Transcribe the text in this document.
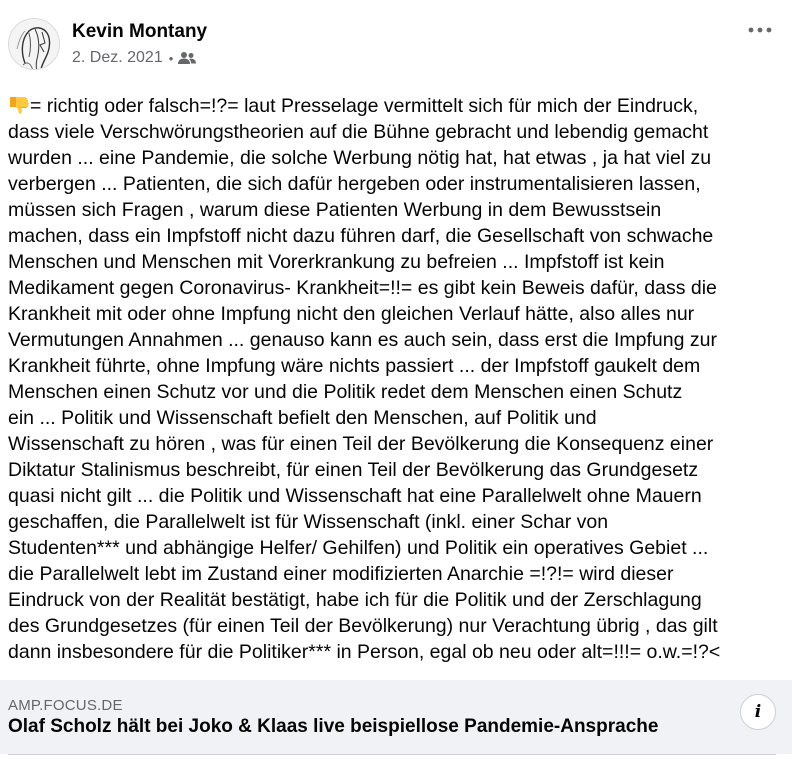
Kevin Montany
2. Dez. 2021 •
= richtig oder falsch=!?= laut Presselage vermittelt sich für mich der Eindruck,
dass viele Verschwörungstheorien auf die Bühne gebracht und lebendig gemacht
wurden ... eine Pandemie, die solche Werbung nötig hat, hat etwas , ja hat viel zu
verbergen ... Patienten, die sich dafür hergeben oder instrumentalisieren lassen,
müssen sich Fragen , warum diese Patienten Werbung in dem Bewusstsein
machen, dass ein Impfstoff nicht dazu führen darf, die Gesellschaft von schwache
Menschen und Menschen mit Vorerkrankung zu befreien ... Impfstoff ist kein
Medikament gegen Coronavirus- Krankheit=!!= es gibt kein Beweis dafür, dass die
Krankheit mit oder ohne Impfung nicht den gleichen Verlauf hätte, also alles nur
Vermutungen Annahmen ... genauso kann es auch sein, dass erst die Impfung zur
Krankheit führte, ohne Impfung wäre nichts passiert ... der Impfstoff gaukelt dem
Menschen einen Schutz vor und die Politik redet dem Menschen einen Schutz
ein ... Politik und Wissenschaft befielt den Menschen, auf Politik und
Wissenschaft zu hören , was für einen Teil der Bevölkerung die Konsequenz einer
Diktatur Stalinismus beschreibt, für einen Teil der Bevölkerung das Grundgesetz
quasi nicht gilt ... die Politik und Wissenschaft hat eine Parallelwelt ohne Mauern
geschaffen, die Parallelwelt ist für Wissenschaft (inkl. einer Schar von
Studenten*** und abhängige Helfer/ Gehilfen) und Politik ein operatives Gebiet ...
die Parallelwelt lebt im Zustand einer modifizierten Anarchie =!?!= wird dieser
Eindruck von der Realität bestätigt, habe ich für die Politik und der Zerschlagung
des Grundgesetzes (für einen Teil der Bevölkerung) nur Verachtung übrig , das gilt
dann insbesondere für die Politiker*** in Person, egal ob neu oder alt=!!!= o.w.=!?<
AMP.FOCUS.DE
Olaf Scholz hält bei Joko & Klaas live beispiellose Pandemie-Ansprache
i
